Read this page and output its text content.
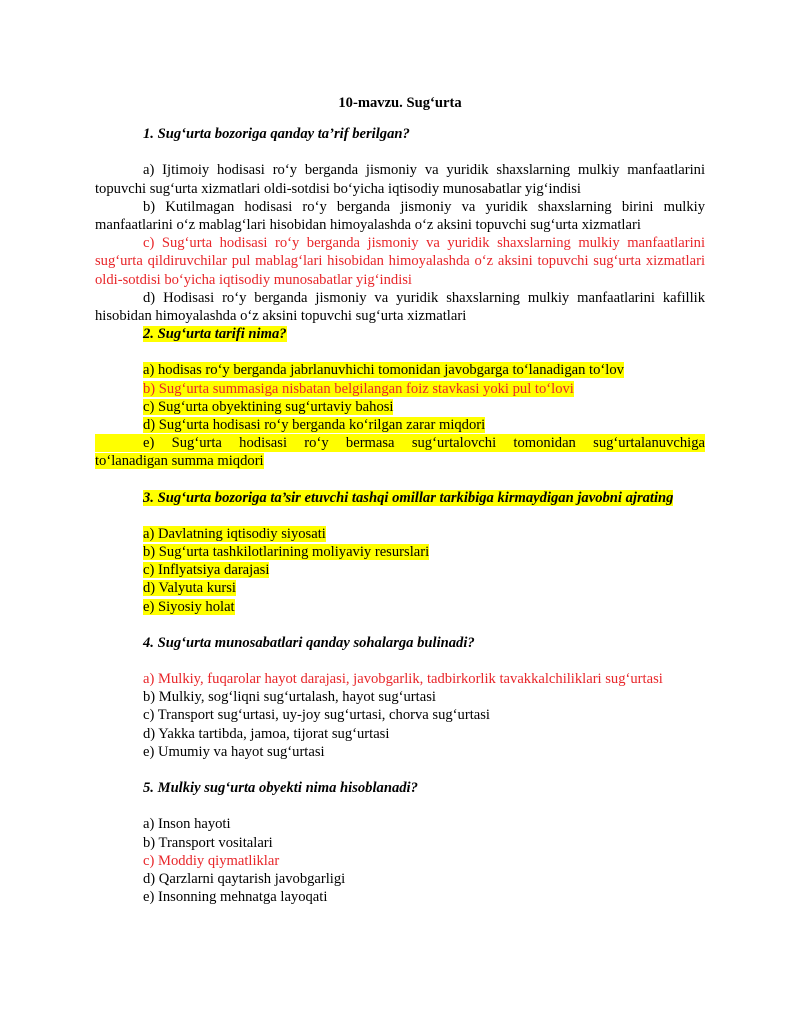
10-mavzu. Sug‘urta

1. Sug‘urta bozoriga qanday ta’rif berilgan?

a) Ijtimoiy hodisasi ro‘y berganda jismoniy va yuridik shaxslarning mulkiy manfaatlarini topuvchi sug‘urta xizmatlari oldi-sotdisi bo‘yicha iqtisodiy munosabatlar yig‘indisi

b) Kutilmagan hodisasi ro‘y berganda jismoniy va yuridik shaxslarning birini mulkiy manfaatlarini o‘z mablag‘lari hisobidan himoyalashda o‘z aksini topuvchi sug‘urta xizmatlari

c) Sug‘urta hodisasi ro‘y berganda jismoniy va yuridik shaxslarning mulkiy manfaatlarini sug‘urta qildiruvchilar pul mablag‘lari hisobidan himoyalashda o‘z aksini topuvchi sug‘urta xizmatlari oldi-sotdisi bo‘yicha iqtisodiy munosabatlar yig‘indisi

d) Hodisasi ro‘y berganda jismoniy va yuridik shaxslarning mulkiy manfaatlarini kafillik hisobidan himoyalashda o‘z aksini topuvchi sug‘urta xizmatlari

2. Sug‘urta tarifi nima?

a) hodisas ro‘y berganda jabrlanuvhichi tomonidan javobgarga to‘lanadigan to‘lov

b) Sug‘urta summasiga nisbatan belgilangan foiz stavkasi yoki pul to‘lovi

c) Sug‘urta obyektining sug‘urtaviy bahosi

d) Sug‘urta hodisasi ro‘y berganda ko‘rilgan zarar miqdori

e) Sug‘urta hodisasi ro‘y bermasa sug‘urtalovchi tomonidan sug‘urtalanuvchiga

to‘lanadigan summa miqdori

3. Sug‘urta bozoriga ta’sir etuvchi tashqi omillar tarkibiga kirmaydigan javobni ajrating

a) Davlatning iqtisodiy siyosati

b) Sug‘urta tashkilotlarining moliyaviy resurslari

c) Inflyatsiya darajasi

d) Valyuta kursi

e) Siyosiy holat

4. Sug‘urta munosabatlari qanday sohalarga bulinadi?

a) Mulkiy, fuqarolar hayot darajasi, javobgarlik, tadbirkorlik tavakkalchiliklari sug‘urtasi

b) Mulkiy, sog‘liqni sug‘urtalash, hayot sug‘urtasi

c) Transport sug‘urtasi, uy-joy sug‘urtasi, chorva sug‘urtasi

d) Yakka tartibda, jamoa, tijorat sug‘urtasi

e) Umumiy va hayot sug‘urtasi

5. Mulkiy sug‘urta obyekti nima hisoblanadi?

a) Inson hayoti

b) Transport vositalari

c) Moddiy qiymatliklar

d) Qarzlarni qaytarish javobgarligi

e) Insonning mehnatga layoqati
